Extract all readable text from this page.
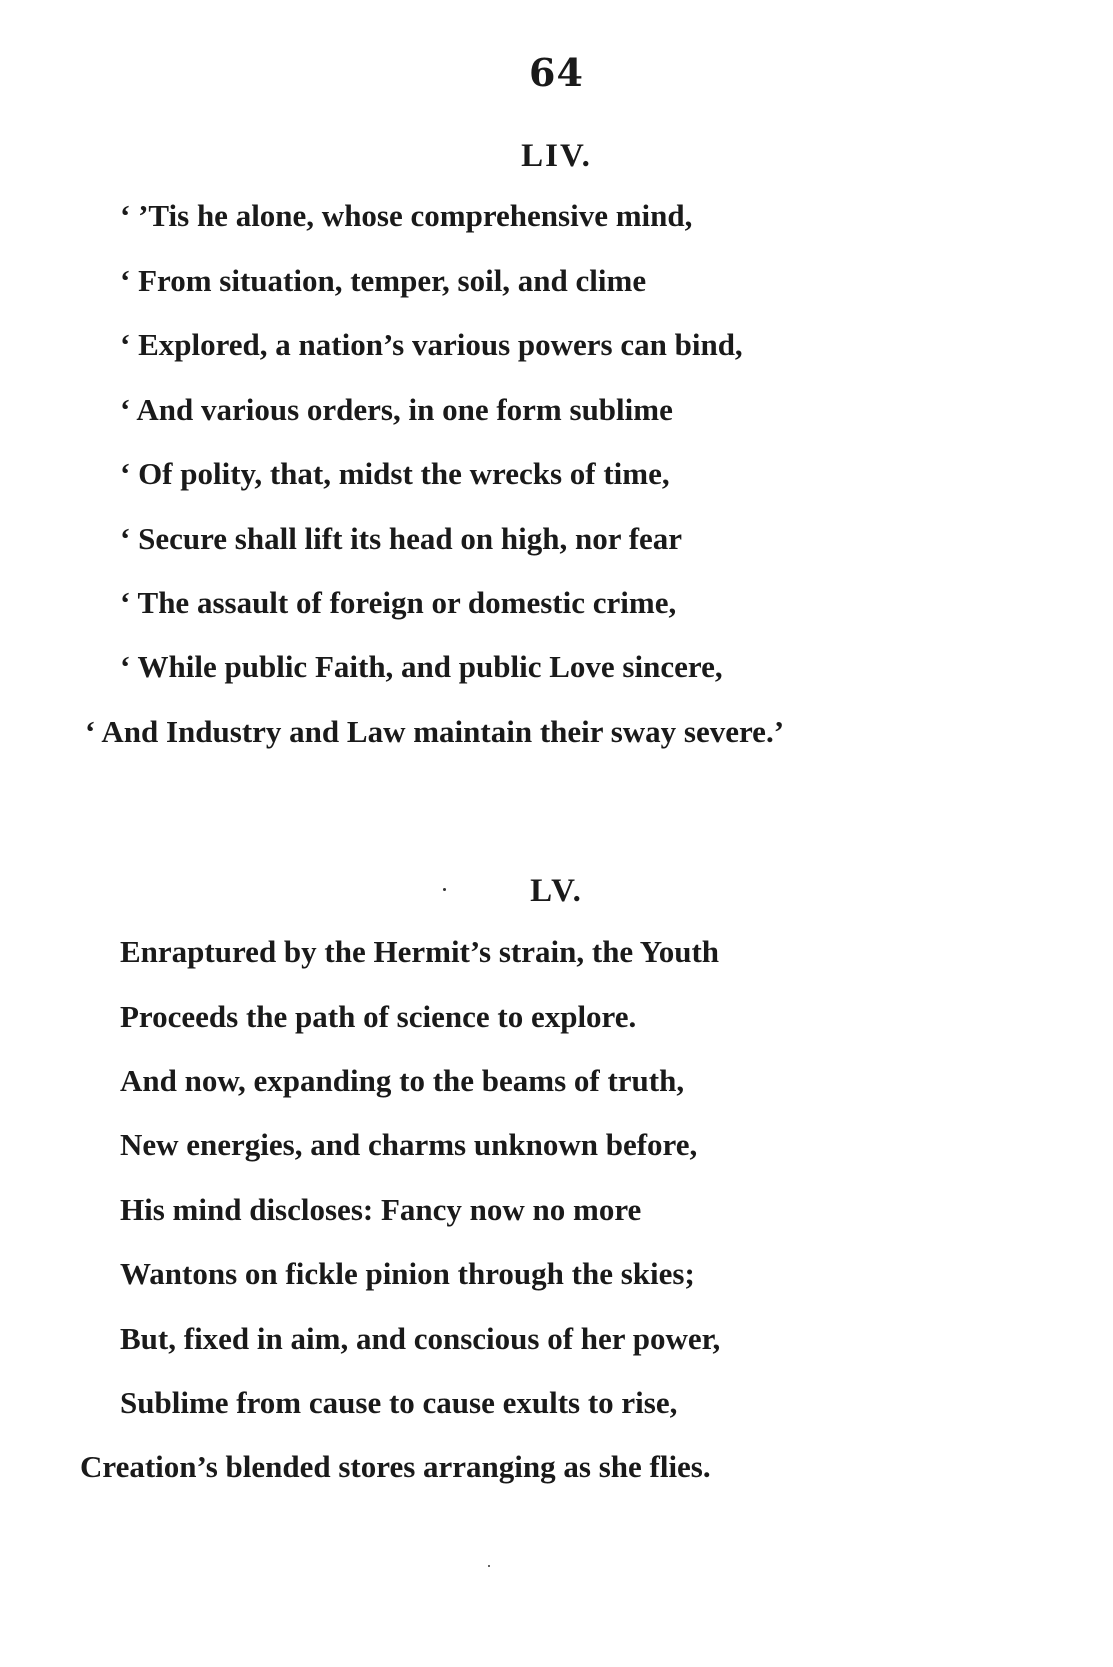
64
LIV.
‘ ’Tis he alone, whose comprehensive mind,
‘ From situation, temper, soil, and clime
‘ Explored, a nation’s various powers can bind,
‘ And various orders, in one form sublime
‘ Of polity, that, midst the wrecks of time,
‘ Secure shall lift its head on high, nor fear
‘ The assault of foreign or domestic crime,
‘ While public Faith, and public Love sincere,
‘ And Industry and Law maintain their sway severe.’
LV.
Enraptured by the Hermit’s strain, the Youth
Proceeds the path of science to explore.
And now, expanding to the beams of truth,
New energies, and charms unknown before,
His mind discloses: Fancy now no more
Wantons on fickle pinion through the skies;
But, fixed in aim, and conscious of her power,
Sublime from cause to cause exults to rise,
Creation’s blended stores arranging as she flies.
